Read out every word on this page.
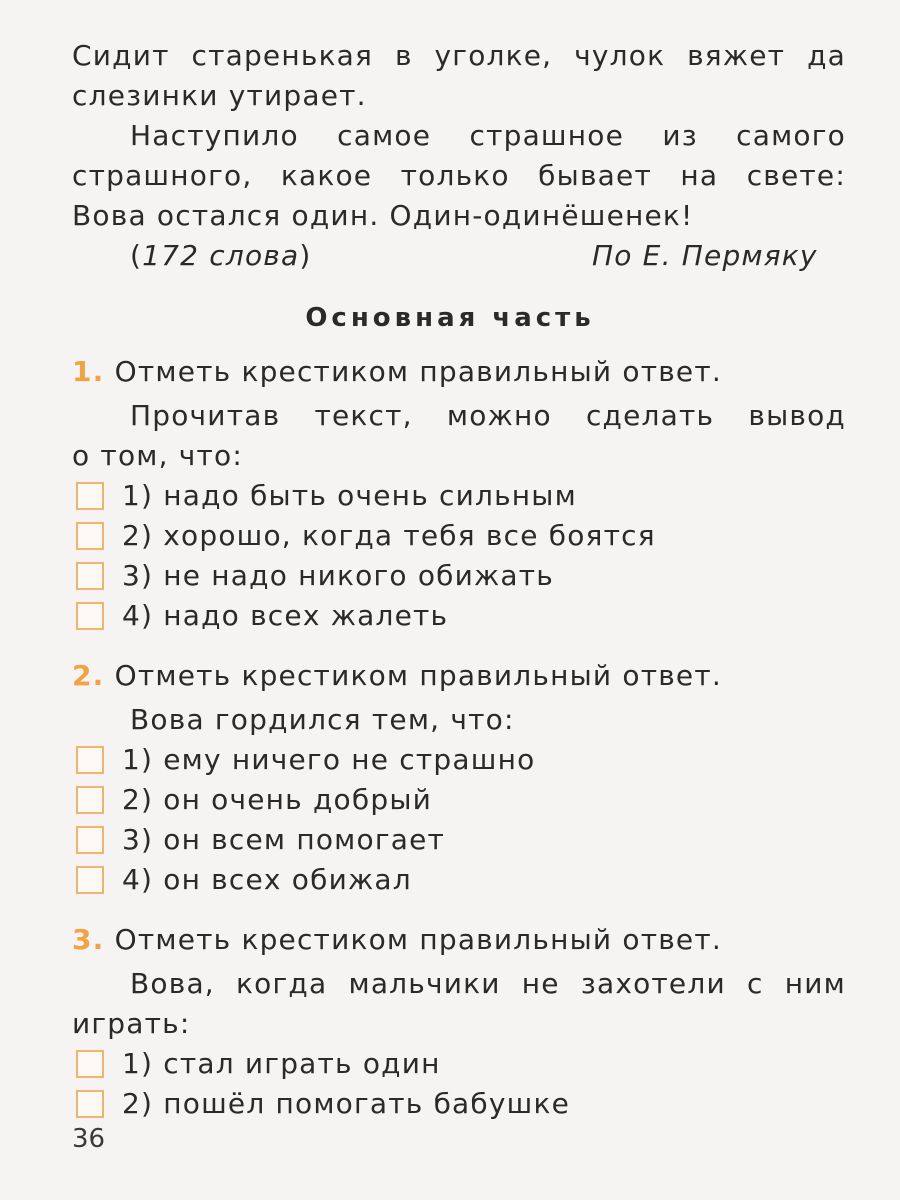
Сидит старенькая в уголке, чулок вяжет да
слезинки утирает.
Наступило самое страшное из самого
страшного, какое только бывает на свете:
Вова остался один. Один-одинёшенек!
(172 слова)	По Е. Пермяку
Основная часть
1. Отметь крестиком правильный ответ.
Прочитав текст, можно сделать вывод
о том, что:
1) надо быть очень сильным
2) хорошо, когда тебя все боятся
3) не надо никого обижать
4) надо всех жалеть
2. Отметь крестиком правильный ответ.
Вова гордился тем, что:
1) ему ничего не страшно
2) он очень добрый
3) он всем помогает
4) он всех обижал
3. Отметь крестиком правильный ответ.
Вова, когда мальчики не захотели с ним
играть:
1) стал играть один
2) пошёл помогать бабушке
36
